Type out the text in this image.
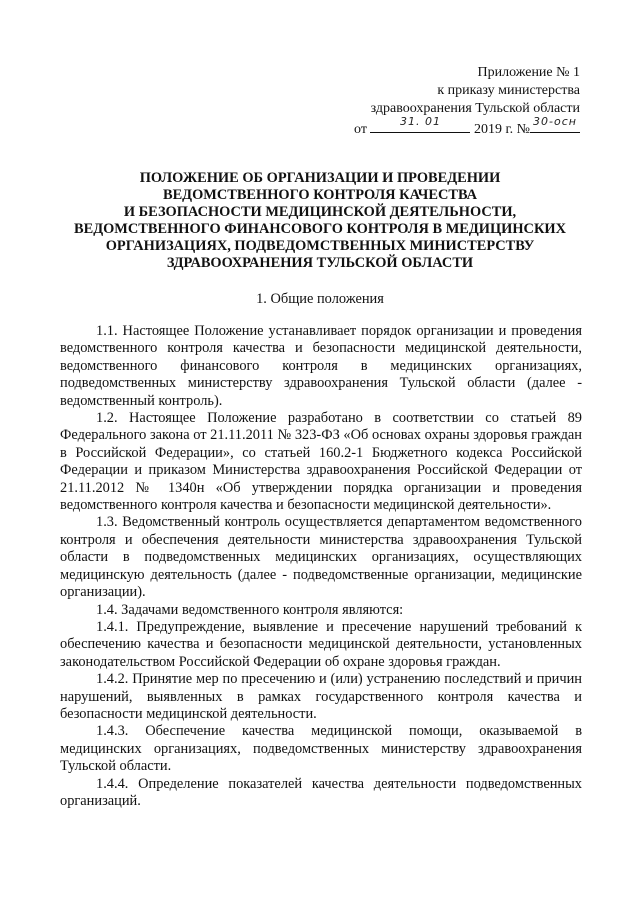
Приложение № 1
к приказу министерства
здравоохранения Тульской области
от
31. 01
2019 г. №
30-осн
ПОЛОЖЕНИЕ ОБ ОРГАНИЗАЦИИ И ПРОВЕДЕНИИ
ВЕДОМСТВЕННОГО КОНТРОЛЯ КАЧЕСТВА
И БЕЗОПАСНОСТИ МЕДИЦИНСКОЙ ДЕЯТЕЛЬНОСТИ,
ВЕДОМСТВЕННОГО ФИНАНСОВОГО КОНТРОЛЯ В МЕДИЦИНСКИХ
ОРГАНИЗАЦИЯХ, ПОДВЕДОМСТВЕННЫХ МИНИСТЕРСТВУ
ЗДРАВООХРАНЕНИЯ ТУЛЬСКОЙ ОБЛАСТИ
1. Общие положения

1.1. Настоящее Положение устанавливает порядок организации и проведения ведомственного контроля качества и безопасности медицинской деятельности, ведомственного финансового контроля в медицинских организациях, подведомственных министерству здравоохранения Тульской области (далее - ведомственный контроль).

1.2. Настоящее Положение разработано в соответствии со статьей 89 Федерального закона от 21.11.2011 № 323-ФЗ «Об основах охраны здоровья граждан в Российской Федерации», со статьей 160.2-1 Бюджетного кодекса Российской Федерации и приказом Министерства здравоохранения Российской Федерации от 21.11.2012 № 1340н «Об утверждении порядка организации и проведения ведомственного контроля качества и безопасности медицинской деятельности».

1.3. Ведомственный контроль осуществляется департаментом ведомственного контроля и обеспечения деятельности министерства здравоохранения Тульской области в подведомственных медицинских организациях, осуществляющих медицинскую деятельность (далее - подведомственные организации, медицинские организации).

1.4. Задачами ведомственного контроля являются:

1.4.1. Предупреждение, выявление и пресечение нарушений требований к обеспечению качества и безопасности медицинской деятельности, установленных законодательством Российской Федерации об охране здоровья граждан.

1.4.2. Принятие мер по пресечению и (или) устранению последствий и причин нарушений, выявленных в рамках государственного контроля качества и безопасности медицинской деятельности.

1.4.3. Обеспечение качества медицинской помощи, оказываемой в медицинских организациях, подведомственных министерству здравоохранения Тульской области.

1.4.4. Определение показателей качества деятельности подведомственных организаций.
